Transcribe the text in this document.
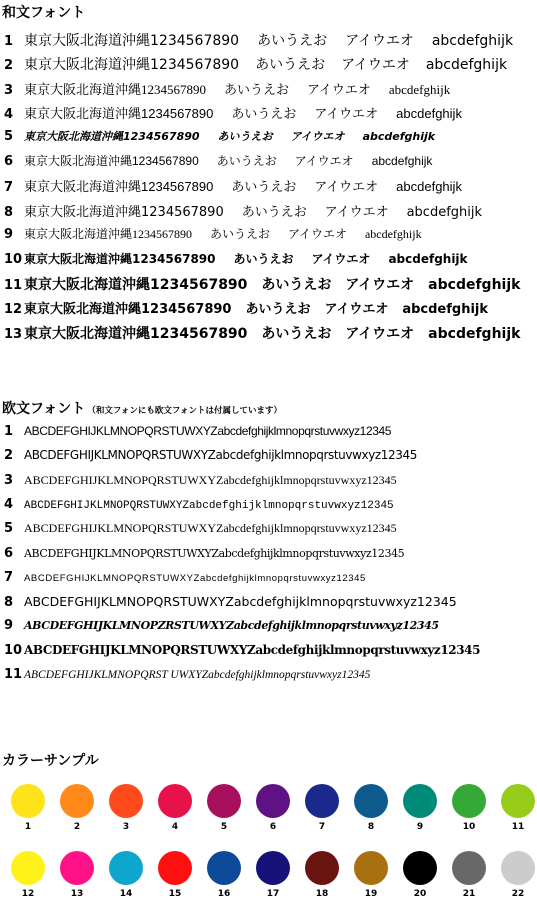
和文フォント
1 東京大阪北海道沖縄1234567890 あいうえお アイウエオ abcdefghijk
2 東京大阪北海道沖縄1234567890 あいうえお アイウエオ abcdefghijk
3 東京大阪北海道沖縄1234567890 あいうえお アイウエオ abcdefghijk
4 東京大阪北海道沖縄1234567890 あいうえお アイウエオ abcdefghijk
5 東京大阪北海道沖縄1234567890 あいうえお アイウエオ abcdefghijk
6 東京大阪北海道沖縄1234567890 あいうえお アイウエオ abcdefghijk
7 東京大阪北海道沖縄1234567890 あいうえお アイウエオ abcdefghijk
8 東京大阪北海道沖縄1234567890 あいうえお アイウエオ abcdefghijk
9 東京大阪北海道沖縄1234567890 あいうえお アイウエオ abcdefghijk
10 東京大阪北海道沖縄1234567890 あいうえお アイウエオ abcdefghijk
11 東京大阪北海道沖縄1234567890 あいうえお アイウエオ abcdefghijk
12 東京大阪北海道沖縄1234567890 あいうえお アイウエオ abcdefghijk
13 東京大阪北海道沖縄1234567890 あいうえお アイウエオ abcdefghijk
欧文フォント （和文フォンにも欧文フォントは付属しています）
1 ABCDEFGHIJKLMNOPQRSTUWXYZabcdefghijklmnopqrstuvwxyz12345
2 ABCDEFGHIJKLMNOPQRSTUWXYZabcdefghijklmnopqrstuvwxyz12345
3 ABCDEFGHIJKLMNOPQRSTUWXYZabcdefghijklmnopqrstuvwxyz12345
4 ABCDEFGHIJKLMNOPQRSTUWXYZabcdefghijklmnopqrstuvwxyz12345
5 ABCDEFGHIJKLMNOPQRSTUWXYZabcdefghijklmnopqrstuvwxyz12345
6 ABCDEFGHIJKLMNOPQRSTUWXYZabcdefghijklmnopqrstuvwxyz12345
7	ABCDEFGHIJKLMNOPQRSTUWXYZabcdefghijklmnopqrstuvwxyz12345
8 ABCDEFGHIJKLMNOPQRSTUWXYZabcdefghijklmnopqrstuvwxyz12345
9 ABCDEFGHIJKLMNOPZRSTUWXYZabcdefghijklmnopqrstuvwxyz12345
10 ABCDEFGHIJKLMNOPQRSTUWXYZabcdefghijklmnopqrstuvwxyz12345
11 ABCDEFGHIJKLMNOPQRST UWXYZabcdefghijklmnopqrstuvwxyz12345
カラーサンプル
1	2	3	4	5	6	7	8	9	10	11
12	13	14	15	16	17	18	19	20	21	22
